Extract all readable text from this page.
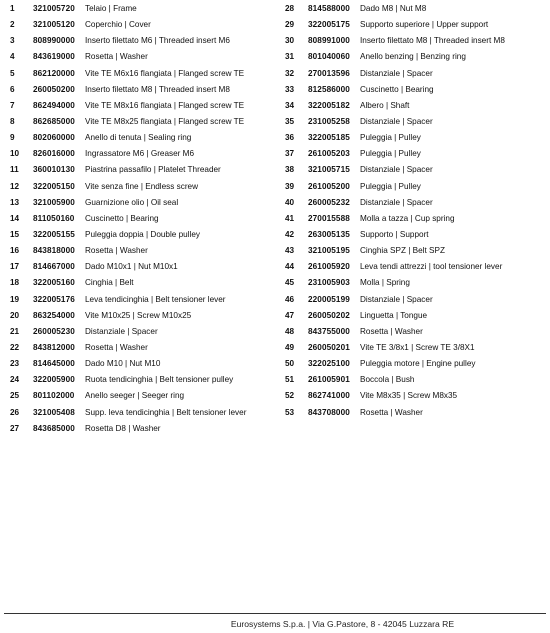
1	321005720	Telaio | Frame
2	321005120	Coperchio | Cover
3	808990000	Inserto filettato M6 | Threaded insert M6
4	843619000	Rosetta | Washer
5	862120000	Vite TE M6x16 flangiata | Flanged screw TE
6	260050200	Inserto filettato M8 | Threaded insert M8
7	862494000	Vite TE M8x16 flangiata | Flanged screw TE
8	862685000	Vite TE M8x25 flangiata | Flanged screw TE
9	802060000	Anello di tenuta | Sealing ring
10	826016000	Ingrassatore M6 | Greaser M6
11	360010130	Piastrina passafilo | Platelet Threader
12	322005150	Vite senza fine | Endless screw
13	321005900	Guarnizione olio | Oil seal
14	811050160	Cuscinetto | Bearing
15	322005155	Puleggia doppia | Double pulley
16	843818000	Rosetta | Washer
17	814667000	Dado M10x1 | Nut M10x1
18	322005160	Cinghia | Belt
19	322005176	Leva tendicinghia | Belt tensioner lever
20	863254000	Vite M10x25 | Screw M10x25
21	260005230	Distanziale | Spacer
22	843812000	Rosetta | Washer
23	814645000	Dado M10 | Nut M10
24	322005900	Ruota tendicinghia | Belt tensioner pulley
25	801102000	Anello seeger | Seeger ring
26	321005408	Supp. leva tendicinghia | Belt tensioner lever
27	843685000	Rosetta D8 | Washer
28	814588000	Dado M8 | Nut M8
29	322005175	Supporto superiore | Upper support
30	808991000	Inserto filettato M8 | Threaded insert M8
31	801040060	Anello benzing | Benzing ring
32	270013596	Distanziale | Spacer
33	812586000	Cuscinetto | Bearing
34	322005182	Albero | Shaft
35	231005258	Distanziale | Spacer
36	322005185	Puleggia | Pulley
37	261005203	Puleggia | Pulley
38	321005715	Distanziale | Spacer
39	261005200	Puleggia | Pulley
40	260005232	Distanziale | Spacer
41	270015588	Molla a tazza | Cup spring
42	263005135	Supporto | Support
43	321005195	Cinghia SPZ | Belt SPZ
44	261005920	Leva tendi attrezzi | tool tensioner lever
45	231005903	Molla | Spring
46	220005199	Distanziale | Spacer
47	260050202	Linguetta | Tongue
48	843755000	Rosetta | Washer
49	260050201	Vite TE 3/8x1 | Screw TE 3/8X1
50	322025100	Puleggia motore | Engine pulley
51	261005901	Boccola | Bush
52	862741000	Vite M8x35 | Screw M8x35
53	843708000	Rosetta | Washer
Eurosystems S.p.a. | Via G.Pastore, 8 - 42045 Luzzara RE
